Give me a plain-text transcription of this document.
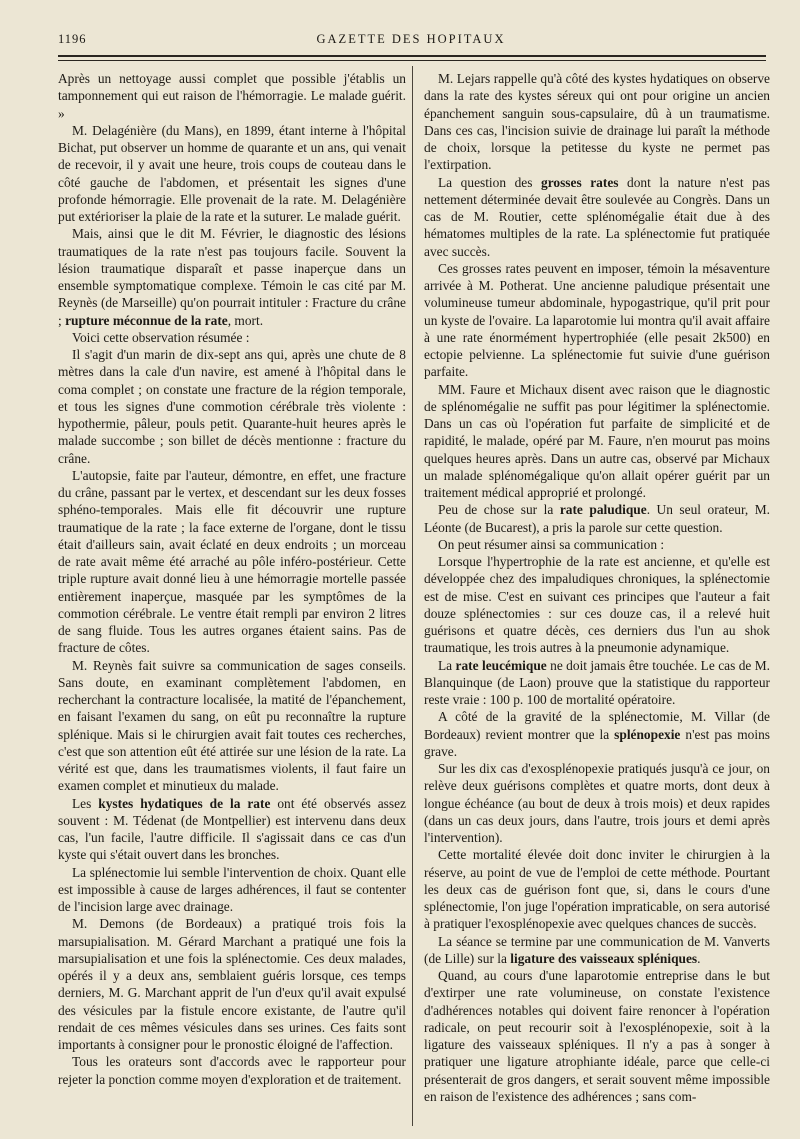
1196	GAZETTE DES HOPITAUX

Après un nettoyage aussi complet que possible j'établis un tamponnement qui eut raison de l'hémorragie. Le malade guérit. »

M. Delagénière (du Mans), en 1899, étant interne à l'hôpital Bichat, put observer un homme de quarante et un ans, qui venait de recevoir, il y avait une heure, trois coups de couteau dans le côté gauche de l'abdomen, et présentait les signes d'une profonde hémorragie. Elle provenait de la rate. M. Delagénière put extérioriser la plaie de la rate et la suturer. Le malade guérit.

Mais, ainsi que le dit M. Février, le diagnostic des lésions traumatiques de la rate n'est pas toujours facile. Souvent la lésion traumatique disparaît et passe inaperçue dans un ensemble symptomatique complexe. Témoin le cas cité par M. Reynès (de Marseille) qu'on pourrait intituler : Fracture du crâne ; rupture méconnue de la rate, mort.

Voici cette observation résumée :

Il s'agit d'un marin de dix-sept ans qui, après une chute de 8 mètres dans la cale d'un navire, est amené à l'hôpital dans le coma complet ; on constate une fracture de la région temporale, et tous les signes d'une commotion cérébrale très violente : hypothermie, pâleur, pouls petit. Quarante-huit heures après le malade succombe ; son billet de décès mentionne : fracture du crâne.

L'autopsie, faite par l'auteur, démontre, en effet, une fracture du crâne, passant par le vertex, et descendant sur les deux fosses sphéno-temporales. Mais elle fit découvrir une rupture traumatique de la rate ; la face externe de l'organe, dont le tissu était d'ailleurs sain, avait éclaté en deux endroits ; un morceau de rate avait même été arraché au pôle inféro-postérieur. Cette triple rupture avait donné lieu à une hémorragie mortelle passée entièrement inaperçue, masquée par les symptômes de la commotion cérébrale. Le ventre était rempli par environ 2 litres de sang fluide. Tous les autres organes étaient sains. Pas de fracture de côtes.

M. Reynès fait suivre sa communication de sages conseils. Sans doute, en examinant complètement l'abdomen, en recherchant la contracture localisée, la matité de l'épanchement, en faisant l'examen du sang, on eût pu reconnaître la rupture splénique. Mais si le chirurgien avait fait toutes ces recherches, c'est que son attention eût été attirée sur une lésion de la rate. La vérité est que, dans les traumatismes violents, il faut faire un examen complet et minutieux du malade.

Les kystes hydatiques de la rate ont été observés assez souvent : M. Tédenat (de Montpellier) est intervenu dans deux cas, l'un facile, l'autre difficile. Il s'agissait dans ce cas d'un kyste qui s'était ouvert dans les bronches.

La splénectomie lui semble l'intervention de choix. Quant elle est impossible à cause de larges adhérences, il faut se contenter de l'incision large avec drainage.

M. Demons (de Bordeaux) a pratiqué trois fois la marsupialisation. M. Gérard Marchant a pratiqué une fois la marsupialisation et une fois la splénectomie. Ces deux malades, opérés il y a deux ans, semblaient guéris lorsque, ces temps derniers, M. G. Marchant apprit de l'un d'eux qu'il avait expulsé des vésicules par la fistule encore existante, de l'autre qu'il rendait de ces mêmes vésicules dans ses urines. Ces faits sont importants à consigner pour le pronostic éloigné de l'affection.

Tous les orateurs sont d'accords avec le rapporteur pour rejeter la ponction comme moyen d'exploration et de traitement.

M. Lejars rappelle qu'à côté des kystes hydatiques on observe dans la rate des kystes séreux qui ont pour origine un ancien épanchement sanguin sous-capsulaire, dû à un traumatisme. Dans ces cas, l'incision suivie de drainage lui paraît la méthode de choix, lorsque la petitesse du kyste ne permet pas l'extirpation.

La question des grosses rates dont la nature n'est pas nettement déterminée devait être soulevée au Congrès. Dans un cas de M. Routier, cette splénomégalie était due à des hématomes multiples de la rate. La splénectomie fut pratiquée avec succès.

Ces grosses rates peuvent en imposer, témoin la mésaventure arrivée à M. Potherat. Une ancienne paludique présentait une volumineuse tumeur abdominale, hypogastrique, qu'il prit pour un kyste de l'ovaire. La laparotomie lui montra qu'il avait affaire à une rate énormément hypertrophiée (elle pesait 2k500) en ectopie pelvienne. La splénectomie fut suivie d'une guérison parfaite.

MM. Faure et Michaux disent avec raison que le diagnostic de splénomégalie ne suffit pas pour légitimer la splénectomie. Dans un cas où l'opération fut parfaite de simplicité et de rapidité, le malade, opéré par M. Faure, n'en mourut pas moins quelques heures après. Dans un autre cas, observé par Michaux un malade splénomégalique qu'on allait opérer guérit par un traitement médical approprié et prolongé.

Peu de chose sur la rate paludique. Un seul orateur, M. Léonte (de Bucarest), a pris la parole sur cette question.

On peut résumer ainsi sa communication :

Lorsque l'hypertrophie de la rate est ancienne, et qu'elle est développée chez des impaludiques chroniques, la splénectomie est de mise. C'est en suivant ces principes que l'auteur a fait douze splénectomies : sur ces douze cas, il a relevé huit guérisons et quatre décès, ces derniers dus l'un au shok traumatique, les trois autres à la pneumonie adynamique.

La rate leucémique ne doit jamais être touchée. Le cas de M. Blanquinque (de Laon) prouve que la statistique du rapporteur reste vraie : 100 p. 100 de mortalité opératoire.

A côté de la gravité de la splénectomie, M. Villar (de Bordeaux) revient montrer que la splénopexie n'est pas moins grave.

Sur les dix cas d'exosplénopexie pratiqués jusqu'à ce jour, on relève deux guérisons complètes et quatre morts, dont deux à longue échéance (au bout de deux à trois mois) et deux rapides (dans un cas deux jours, dans l'autre, trois jours et demi après l'intervention).

Cette mortalité élevée doit donc inviter le chirurgien à la réserve, au point de vue de l'emploi de cette méthode. Pourtant les deux cas de guérison font que, si, dans le cours d'une splénectomie, l'on juge l'opération impraticable, on sera autorisé à pratiquer l'exosplénopexie avec quelques chances de succès.

La séance se termine par une communication de M. Vanverts (de Lille) sur la ligature des vaisseaux spléniques.

Quand, au cours d'une laparotomie entreprise dans le but d'extirper une rate volumineuse, on constate l'existence d'adhérences notables qui doivent faire renoncer à l'opération radicale, on peut recourir soit à l'exosplénopexie, soit à la ligature des vaisseaux spléniques. Il n'y a pas à songer à pratiquer une ligature atrophiante idéale, parce que celle-ci présenterait de gros dangers, et serait souvent même impossible en raison de l'existence des adhérences ; sans com-
